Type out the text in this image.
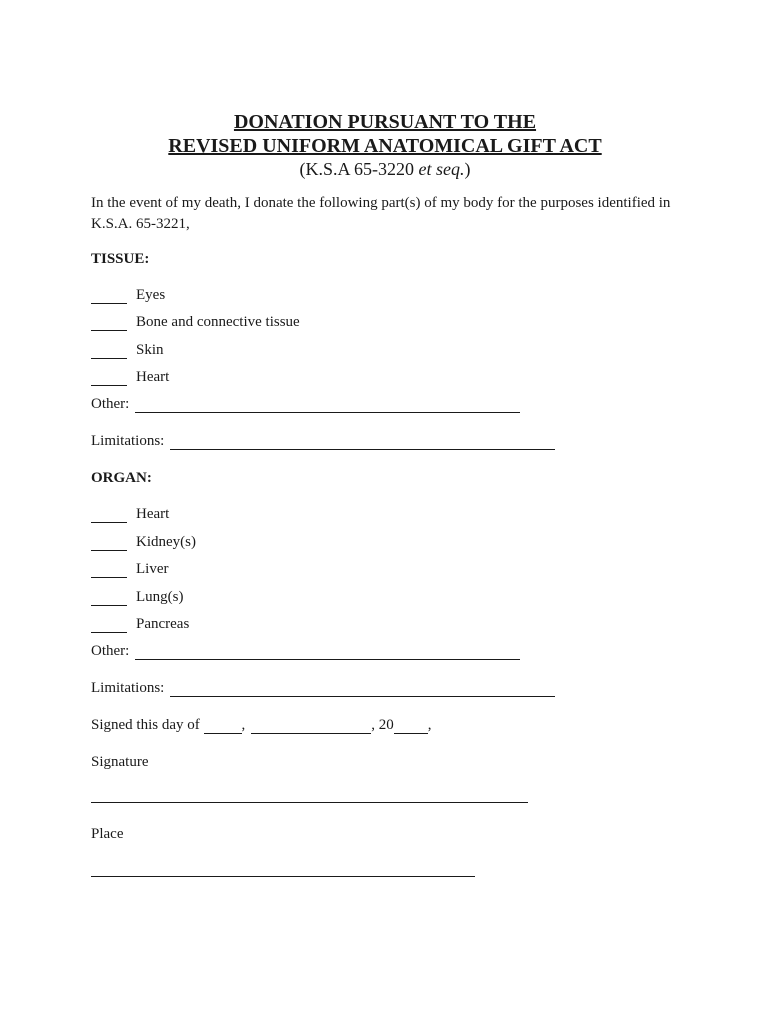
DONATION PURSUANT TO THE
REVISED UNIFORM ANATOMICAL GIFT ACT
(K.S.A 65-3220 et seq.)
In the event of my death, I donate the following part(s) of my body for the purposes identified in K.S.A. 65-3221,
TISSUE:
Eyes
Bone and connective tissue
Skin
Heart
Other:
Limitations:
ORGAN:
Heart
Kidney(s)
Liver
Lung(s)
Pancreas
Other:
Limitations:
Signed this day of	,	, 20 ,
Signature
Place
